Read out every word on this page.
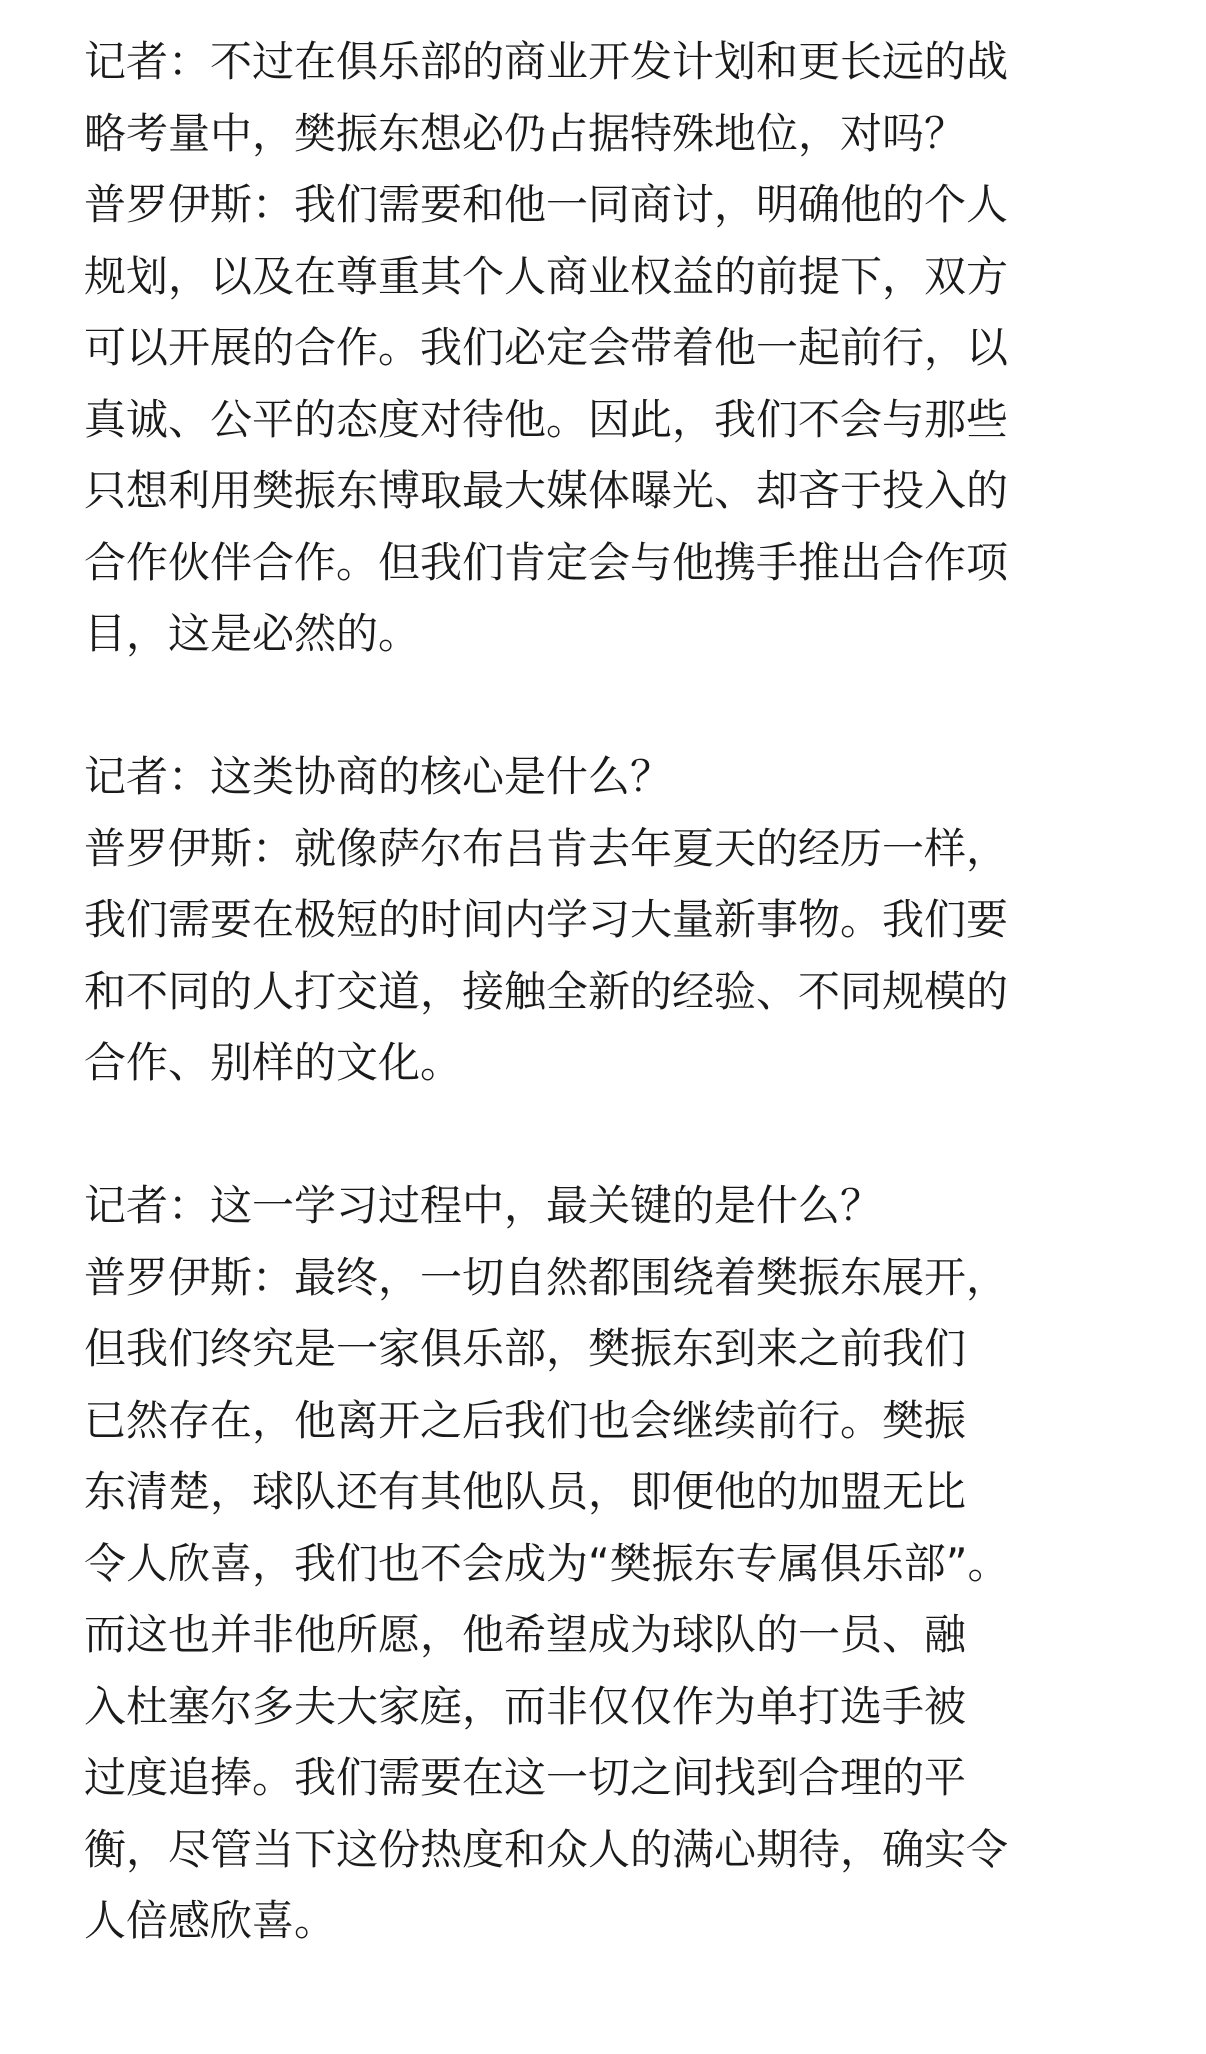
记者：不过在俱乐部的商业开发计划和更长远的战
略考量中，樊振东想必仍占据特殊地位，对吗？
普罗伊斯：我们需要和他一同商讨，明确他的个人
规划，以及在尊重其个人商业权益的前提下，双方
可以开展的合作。我们必定会带着他一起前行，以
真诚、公平的态度对待他。因此，我们不会与那些
只想利用樊振东博取最大媒体曝光、却吝于投入的
合作伙伴合作。但我们肯定会与他携手推出合作项
目，这是必然的。
记者：这类协商的核心是什么？
普罗伊斯：就像萨尔布吕肯去年夏天的经历一样，
我们需要在极短的时间内学习大量新事物。我们要
和不同的人打交道，接触全新的经验、不同规模的
合作、别样的文化。
记者：这一学习过程中，最关键的是什么？
普罗伊斯：最终，一切自然都围绕着樊振东展开，
但我们终究是一家俱乐部，樊振东到来之前我们
已然存在，他离开之后我们也会继续前行。樊振
东清楚，球队还有其他队员，即便他的加盟无比
令人欣喜，我们也不会成为“樊振东专属俱乐部”。
而这也并非他所愿，他希望成为球队的一员、融
入杜塞尔多夫大家庭，而非仅仅作为单打选手被
过度追捧。我们需要在这一切之间找到合理的平
衡，尽管当下这份热度和众人的满心期待，确实令
人倍感欣喜。
